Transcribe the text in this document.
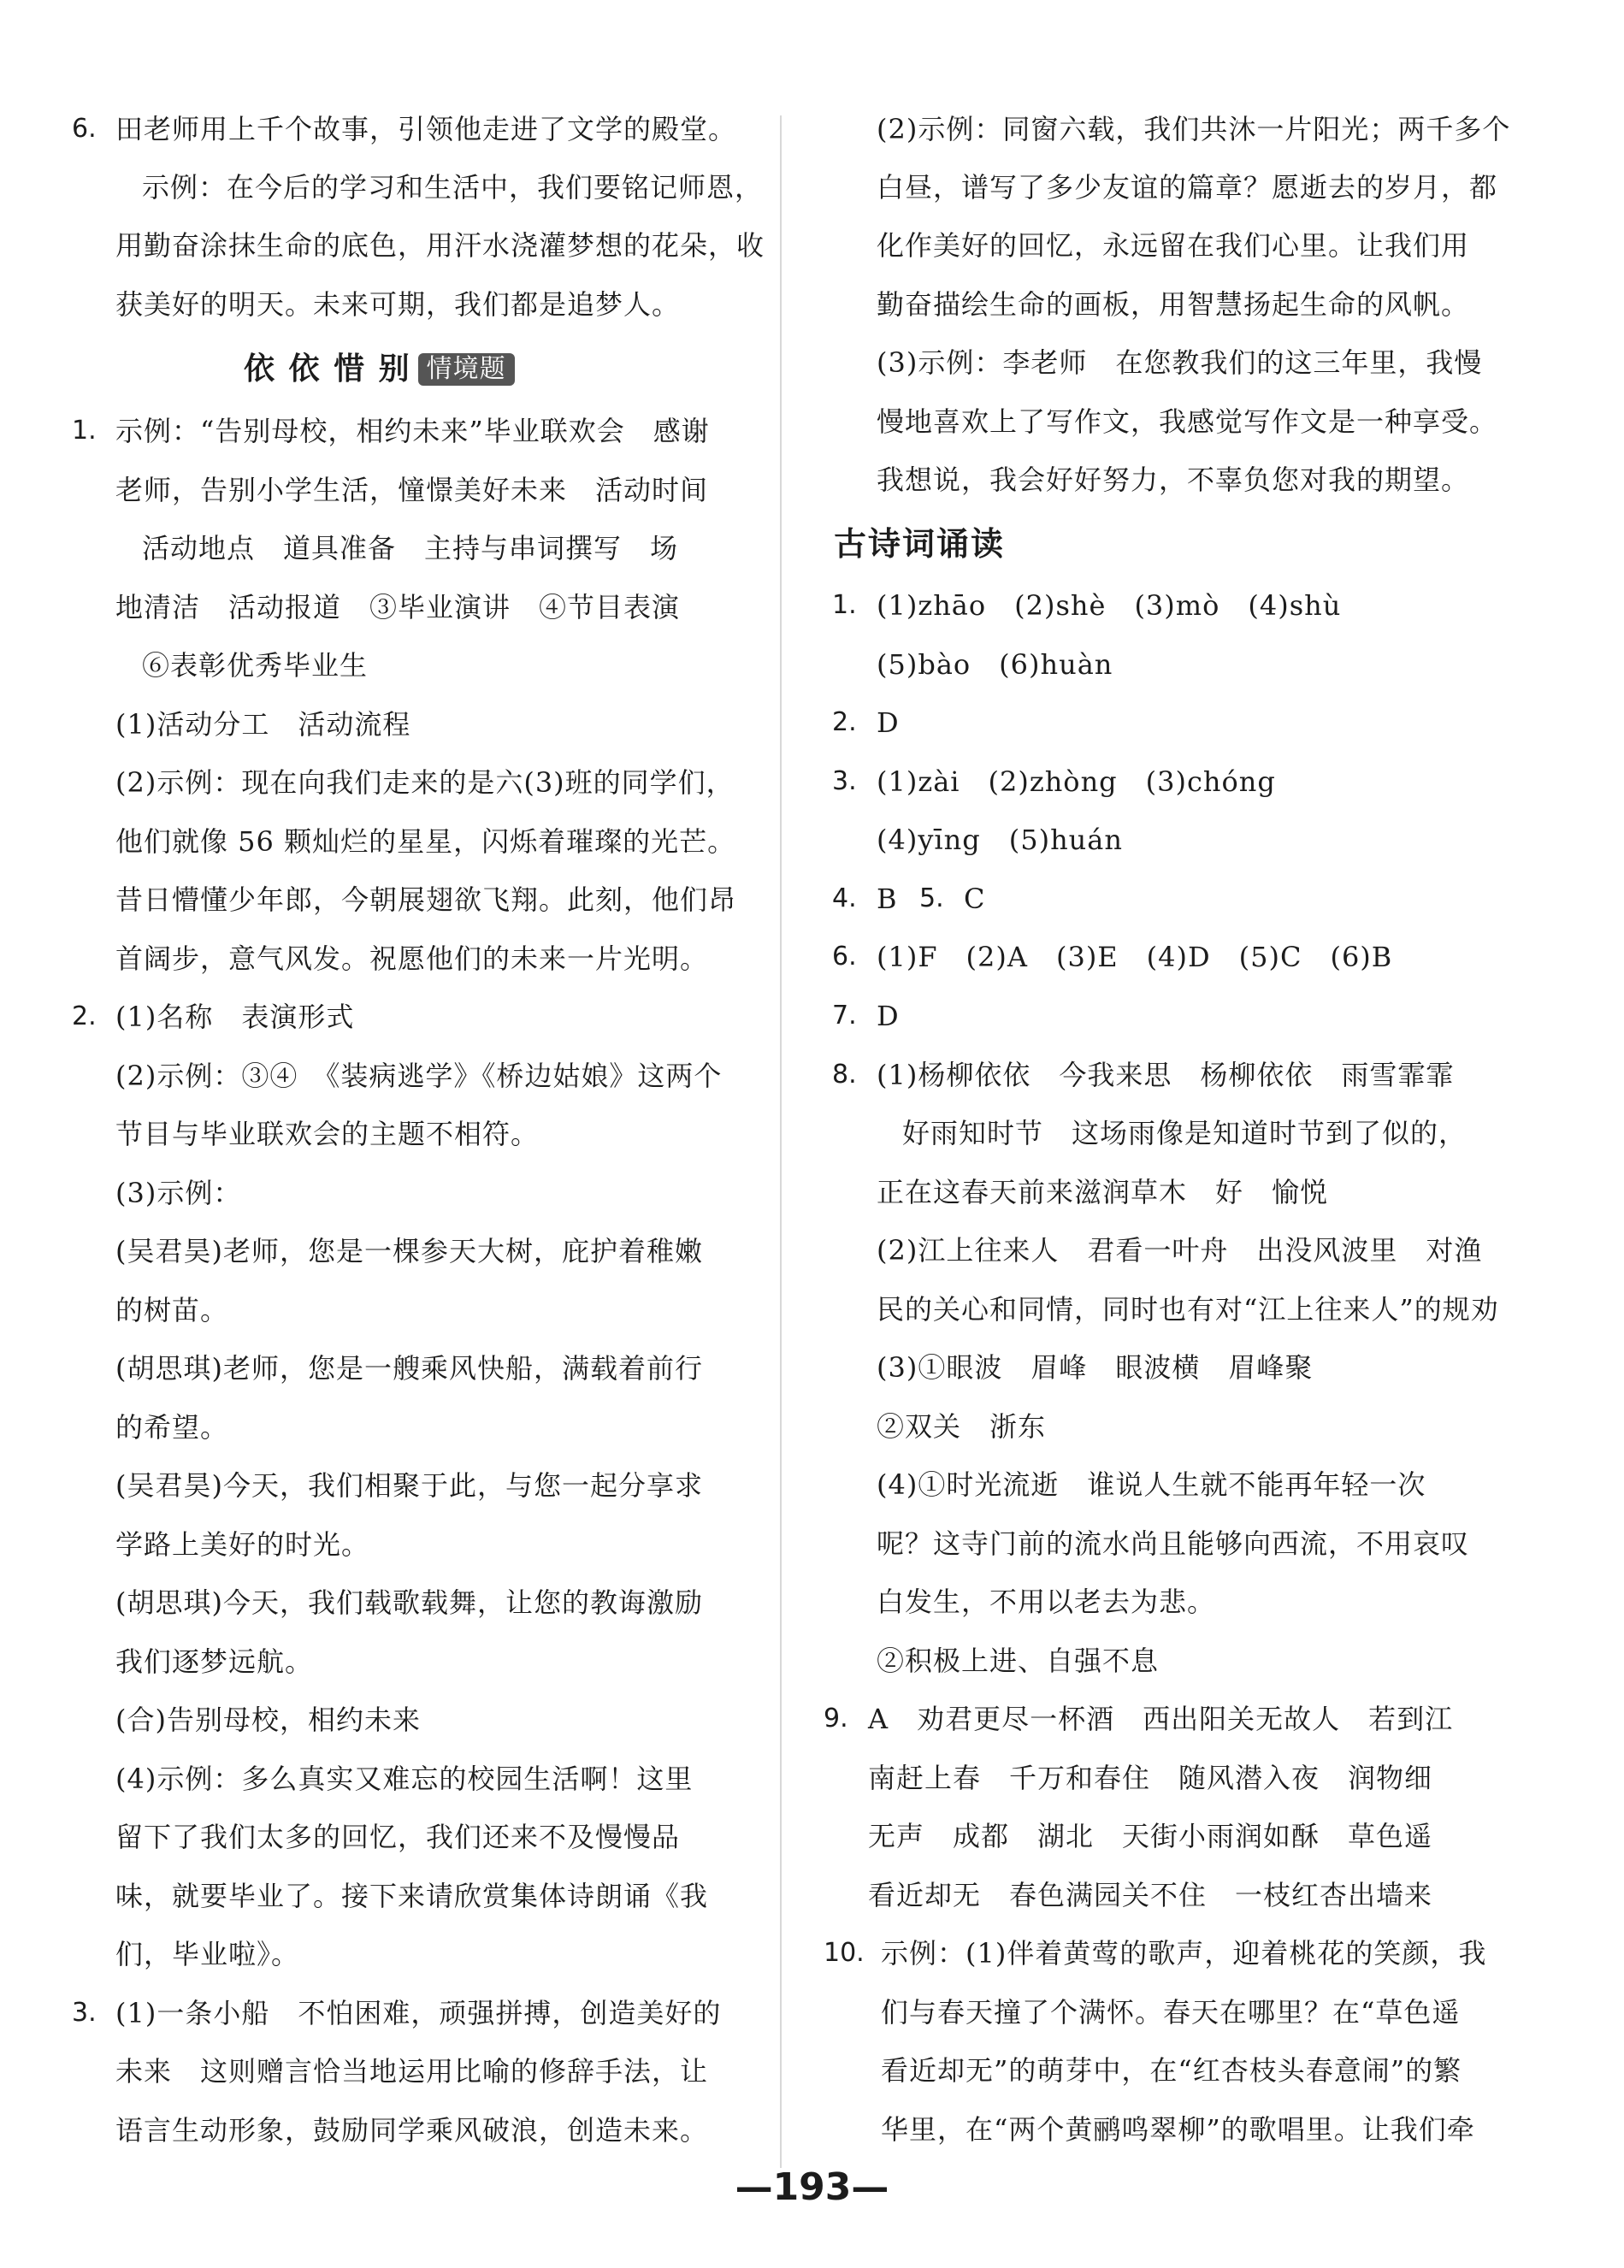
6. 田老师用上千个故事，引领他走进了文学的殿堂。
示例：在今后的学习和生活中，我们要铭记师恩，
用勤奋涂抹生命的底色，用汗水浇灌梦想的花朵，收
获美好的明天。未来可期，我们都是追梦人。
依 依 惜 别 情境题
1. 示例：“告别母校，相约未来”毕业联欢会　感谢
老师，告别小学生活，憧憬美好未来　活动时间
活动地点　道具准备　主持与串词撰写　场
地清洁　活动报道　③毕业演讲　④节目表演
⑥表彰优秀毕业生
(1)活动分工　活动流程
(2)示例：现在向我们走来的是六(3)班的同学们，
他们就像 56 颗灿烂的星星，闪烁着璀璨的光芒。
昔日懵懂少年郎，今朝展翅欲飞翔。此刻，他们昂
首阔步，意气风发。祝愿他们的未来一片光明。
2. (1)名称　表演形式
(2)示例：③④　《装病逃学》《桥边姑娘》这两个
节目与毕业联欢会的主题不相符。
(3)示例：
(吴君昊)老师，您是一棵参天大树，庇护着稚嫩
的树苗。
(胡思琪)老师，您是一艘乘风快船，满载着前行
的希望。
(吴君昊)今天，我们相聚于此，与您一起分享求
学路上美好的时光。
(胡思琪)今天，我们载歌载舞，让您的教诲激励
我们逐梦远航。
(合)告别母校，相约未来
(4)示例：多么真实又难忘的校园生活啊！这里
留下了我们太多的回忆，我们还来不及慢慢品
味，就要毕业了。接下来请欣赏集体诗朗诵《我
们，毕业啦》。
3. (1)一条小船　不怕困难，顽强拼搏，创造美好的
未来　这则赠言恰当地运用比喻的修辞手法，让
语言生动形象，鼓励同学乘风破浪，创造未来。
(2)示例：同窗六载，我们共沐一片阳光；两千多个
白昼，谱写了多少友谊的篇章？愿逝去的岁月，都
化作美好的回忆，永远留在我们心里。让我们用
勤奋描绘生命的画板，用智慧扬起生命的风帆。
(3)示例：李老师　在您教我们的这三年里，我慢
慢地喜欢上了写作文，我感觉写作文是一种享受。
我想说，我会好好努力，不辜负您对我的期望。
古诗词诵读
1. (1)zhāo　(2)shè　(3)mò　(4)shù
(5)bào　(6)huàn
2. D
3. (1)zài　(2)zhòng　(3)chóng
(4)yīng　(5)huán
4. B 5. C
6. (1)F　(2)A　(3)E　(4)D　(5)C　(6)B
7. D
8. (1)杨柳依依　今我来思　杨柳依依　雨雪霏霏
好雨知时节　这场雨像是知道时节到了似的，
正在这春天前来滋润草木　好　愉悦
(2)江上往来人　君看一叶舟　出没风波里　对渔
民的关心和同情，同时也有对“江上往来人”的规劝
(3)①眼波　眉峰　眼波横　眉峰聚
②双关　浙东
(4)①时光流逝　谁说人生就不能再年轻一次
呢？这寺门前的流水尚且能够向西流，不用哀叹
白发生，不用以老去为悲。
②积极上进、自强不息
9. A　劝君更尽一杯酒　西出阳关无故人　若到江
南赶上春　千万和春住　随风潜入夜　润物细
无声　成都　湖北　天街小雨润如酥　草色遥
看近却无　春色满园关不住　一枝红杏出墙来
10. 示例：(1)伴着黄莺的歌声，迎着桃花的笑颜，我
们与春天撞了个满怀。春天在哪里？在“草色遥
看近却无”的萌芽中，在“红杏枝头春意闹”的繁
华里，在“两个黄鹂鸣翠柳”的歌唱里。让我们牵
—193—
